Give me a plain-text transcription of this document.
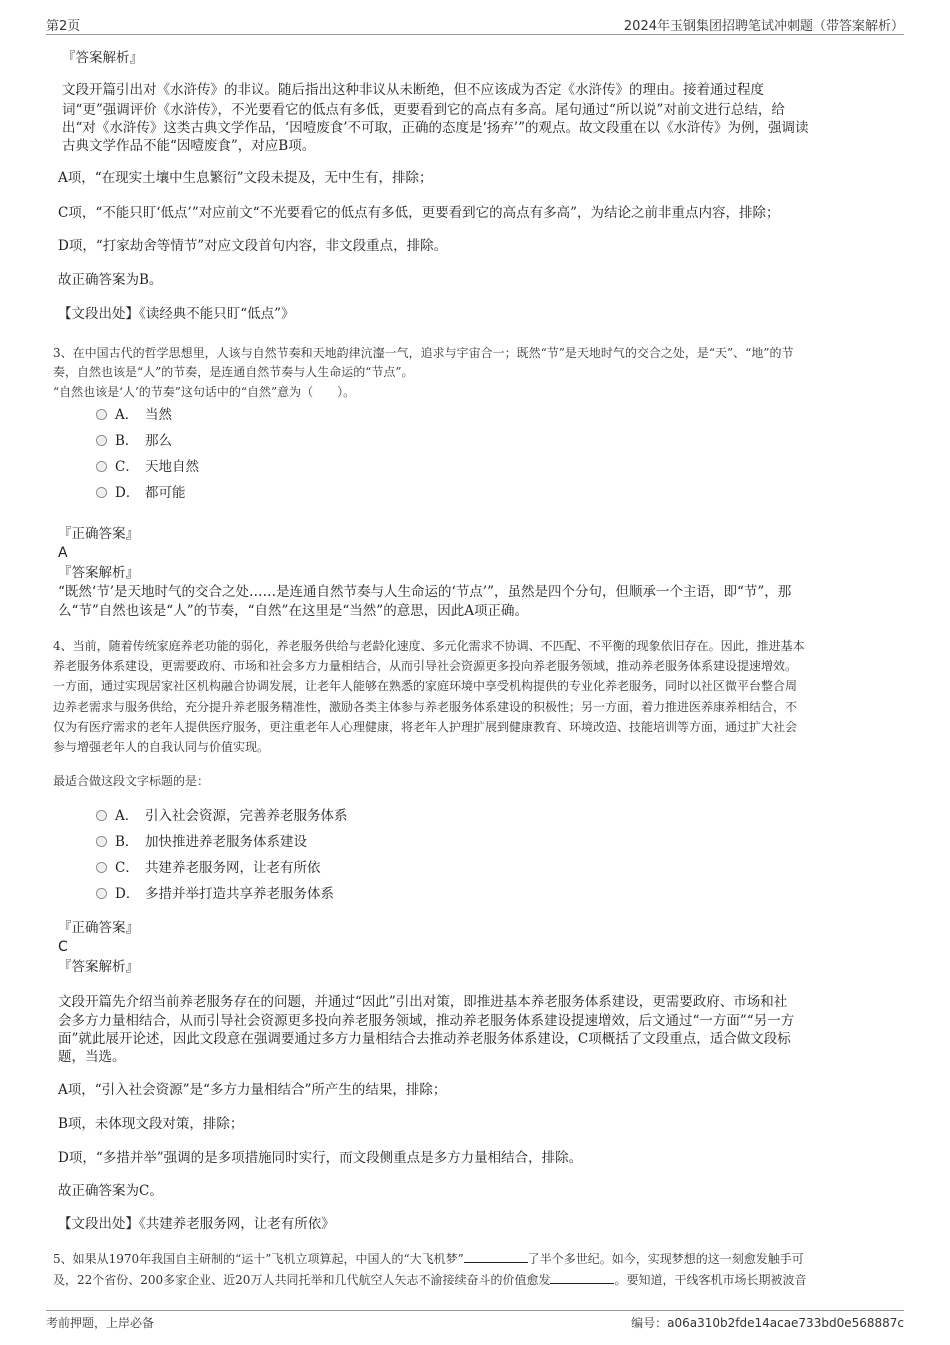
第2页	2024年玉钢集团招聘笔试冲刺题（带答案解析）
『答案解析』
文段开篇引出对《水浒传》的非议。随后指出这种非议从未断绝，但不应该成为否定《水浒传》的理由。接着通过程度
词“更”强调评价《水浒传》，不光要看它的低点有多低，更要看到它的高点有多高。尾句通过“所以说”对前文进行总结，给
出“对《水浒传》这类古典文学作品，‘因噎废食’不可取，正确的态度是‘扬弃’”的观点。故文段重在以《水浒传》为例，强调读
古典文学作品不能“因噎废食”，对应B项。
A项，“在现实土壤中生息繁衍”文段未提及，无中生有，排除；
C项，“不能只盯‘低点’”对应前文“不光要看它的低点有多低，更要看到它的高点有多高”，为结论之前非重点内容，排除；
D项，“打家劫舍等情节”对应文段首句内容，非文段重点，排除。
故正确答案为B。
【文段出处】《读经典不能只盯“低点”》
3、在中国古代的哲学思想里，人该与自然节奏和天地韵律沆瀣一气，追求与宇宙合一；既然“节”是天地时气的交合之处，是“天”、“地”的节
奏，自然也该是“人”的节奏，是连通自然节奏与人生命运的“节点”。
“自然也该是‘人’的节奏”这句话中的“自然”意为（　　）。
A． 当然
B． 那么
C． 天地自然
D． 都可能
『正确答案』
A
『答案解析』
“既然‘节’是天地时气的交合之处……是连通自然节奏与人生命运的‘节点’”，虽然是四个分句，但顺承一个主语，即“节”，那
么“节”自然也该是“人”的节奏，“自然”在这里是“当然”的意思，因此A项正确。
4、当前，随着传统家庭养老功能的弱化，养老服务供给与老龄化速度、多元化需求不协调、不匹配、不平衡的现象依旧存在。因此，推进基本
养老服务体系建设，更需要政府、市场和社会多方力量相结合，从而引导社会资源更多投向养老服务领域，推动养老服务体系建设提速增效。
一方面，通过实现居家社区机构融合协调发展，让老年人能够在熟悉的家庭环境中享受机构提供的专业化养老服务，同时以社区微平台整合周
边养老需求与服务供给，充分提升养老服务精准性，激励各类主体参与养老服务体系建设的积极性；另一方面，着力推进医养康养相结合，不
仅为有医疗需求的老年人提供医疗服务，更注重老年人心理健康，将老年人护理扩展到健康教育、环境改造、技能培训等方面，通过扩大社会
参与增强老年人的自我认同与价值实现。
最适合做这段文字标题的是：
A． 引入社会资源，完善养老服务体系
B． 加快推进养老服务体系建设
C． 共建养老服务网，让老有所依
D． 多措并举打造共享养老服务体系
『正确答案』
C
『答案解析』
文段开篇先介绍当前养老服务存在的问题，并通过“因此”引出对策，即推进基本养老服务体系建设，更需要政府、市场和社
会多方力量相结合，从而引导社会资源更多投向养老服务领域，推动养老服务体系建设提速增效，后文通过“一方面”“另一方
面”就此展开论述，因此文段意在强调要通过多方力量相结合去推动养老服务体系建设，C项概括了文段重点，适合做文段标
题，当选。
A项，“引入社会资源”是“多方力量相结合”所产生的结果，排除；
B项，未体现文段对策，排除；
D项，“多措并举”强调的是多项措施同时实行，而文段侧重点是多方力量相结合，排除。
故正确答案为C。
【文段出处】《共建养老服务网，让老有所依》
5、如果从1970年我国自主研制的“运十”飞机立项算起，中国人的“大飞机梦”	了半个多世纪。如今，实现梦想的这一刻愈发触手可
及，22个省份、200多家企业、近20万人共同托举和几代航空人矢志不渝接续奋斗的价值愈发	。要知道，干线客机市场长期被波音
考前押题，上岸必备	编号：a06a310b2fde14acae733bd0e568887c
